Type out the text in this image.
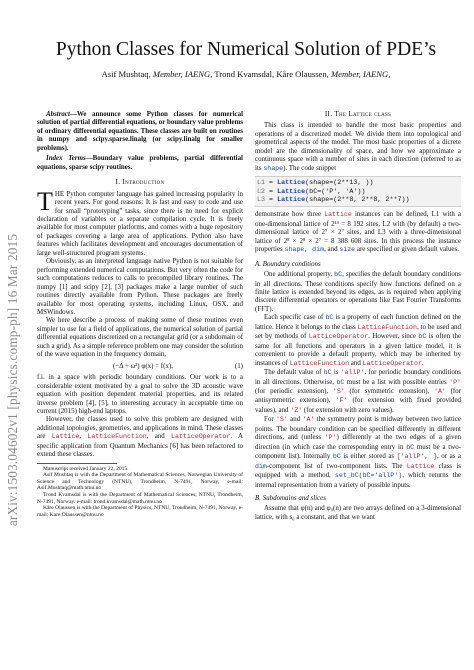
arXiv:1503.04602v1 [physics.comp-ph] 16 Mar 2015
Python Classes for Numerical Solution of PDE’s
Asif Mushtaq, Member, IAENG, Trond Kvamsdal, Kåre Olaussen, Member, IAENG,

Abstract—We announce some Python classes for numerical solution of partial differential equations, or boundary value problems of ordinary differential equations. These classes are built on routines in numpy and scipy.sparse.linalg (or scipy.linalg for smaller problems).

Index Terms—Boundary value problems, partial differential equations, sparse scipy routines.

I. Introduction

THE Python computer language has gained increasing popularity in recent years. For good reasons: It is fast and easy to code and use for small “prototyping” tasks, since there is no need for explicit declaration of variables or a separate compilation cycle. It is freely available for most computer platforms, and comes with a huge repository of packages covering a large area of applications. Python also have features which facilitates development and encourages documentation of large well-structured program systems.

Obviously, as an interpreted language native Python is not suitable for performing extended numerical computations. But very often the code for such computations reduces to calls to precompiled library routines. The numpy [1] and scipy [2], [3] packages make a large number of such routines directly available from Python. These packages are freely available for most operating systems, including Linux, OSX, and MSWindows.

We here describe a process of making some of these routines even simpler to use for a field of applications, the numerical solution of partial differential equations discretized on a rectangular grid (or a subdomain of such a grid). As a simple reference problem one may consider the solution of the wave equation in the frequency domain,

(−Δ + ω²) φ(x) = f(x),	(1)

f.i. in a space with periodic boundary conditions. Our work is to a considerable extent motivated by a goal to solve the 3D acoustic wave equation with position dependent material properties, and its related inverse problem [4], [5], to interesting accuracy in acceptable time on current (2015) high-end laptops.

However, the classes used to solve this problem are designed with additional topologies, geometries, and applications in mind. These classes are Lattice, LatticeFunction, and LatticeOperator. A specific application from Quantum Mechanics [6] has been refactored to extend these classes.

Manuscript received January 22, 2015.

Asif Mushtaq is with the Department of Mathematical Sciences, Norwegian University of Science and Technology (NTNU), Trondheim, N-7491, Norway, e-mail: Asif.Mushtaq@math.ntnu.no

Trond Kvamsdal is with the Department of Mathematical Sciences, NTNU, Trondheim, N-7491, Norway. e-mail: trond.kvamsdal@math.ntnu.no

Kåre Olaussen is with the Department of Physics, NTNU, Trondheim, N-7491, Norway, e-mail: Kare.Olaussen@ntnu.no

II. The Lattice class

This class is intended to handle the most basic properties and operations of a discretized model. We divide them into topological and geometrical aspects of the model. The most basic properties of a dicrete model are the dimensionality of space, and how we approximate a continuous space with a number of sites in each direction (referred to as its shape). The code snippet

L1 = Lattice(shape=(2**13, ))
L2 = Lattice(bC=('P', 'A'))
L3 = Lattice(shape=(2**8, 2**8, 2**7))

demonstrate how three Lattice instances can be defined, L1 with a one-dimensional lattice of 2¹³ = 8 192 sites, L2 with (by default) a two-dimensional lattice of 2⁷ × 2⁷ sites, and L3 with a three-dimensional lattice of 2⁸ × 2⁸ × 2⁷ = 8 388 608 sites. In this process the instance properties shape, dim, and size are specified or given default values.

A. Boundary conditions

One additional property, bC, specifies the default boundary conditions in all directions. These conditions specify how functions defined on a finite lattice is extended beyond its edges, as is required when applying discrete differential operators or operations like Fast Fourier Transforms (FFT).

Each specific case of bC is a property of each function defined on the lattice. Hence it belongs to the class LatticeFunction, to be used and set by methods of LatticeOperator. However, since bC is often the same for all functions and operators in a given lattice model, it is convenient to provide a default property, which may be inherited by instances of LatticeFunction and LatticeOperator.

The default value of bC is 'allP', for periodic boundary conditions in all directions. Otherwise, bC must be a list with possible entries 'P' (for periodic extension), 'S' (for symmetric extension), 'A' (for antisymmetric extension), 'F' (for extension with fixed provided values), and 'Z' (for extension with zero values).

For 'S' and 'A' the symmetry point is midway between two lattice points. The boundary condition can be specified differently in different directions, and (unless 'P') differently at the two edges of a given direction (in which case the corresponding entry in bC must be a two-component list). Internally bC is either stored as ['allP', ], or as a dim-component list of two-component lists. The Lattice class is equipped with a method, set_bC(bC='allP'), which returns the internal representation from a variety of possible inputs.

B. Subdomains and slices

Assume that φ(n) and φ₀(n) are two arrays defined on a 3-dimensional lattice, with s₀ a constant, and that we want
